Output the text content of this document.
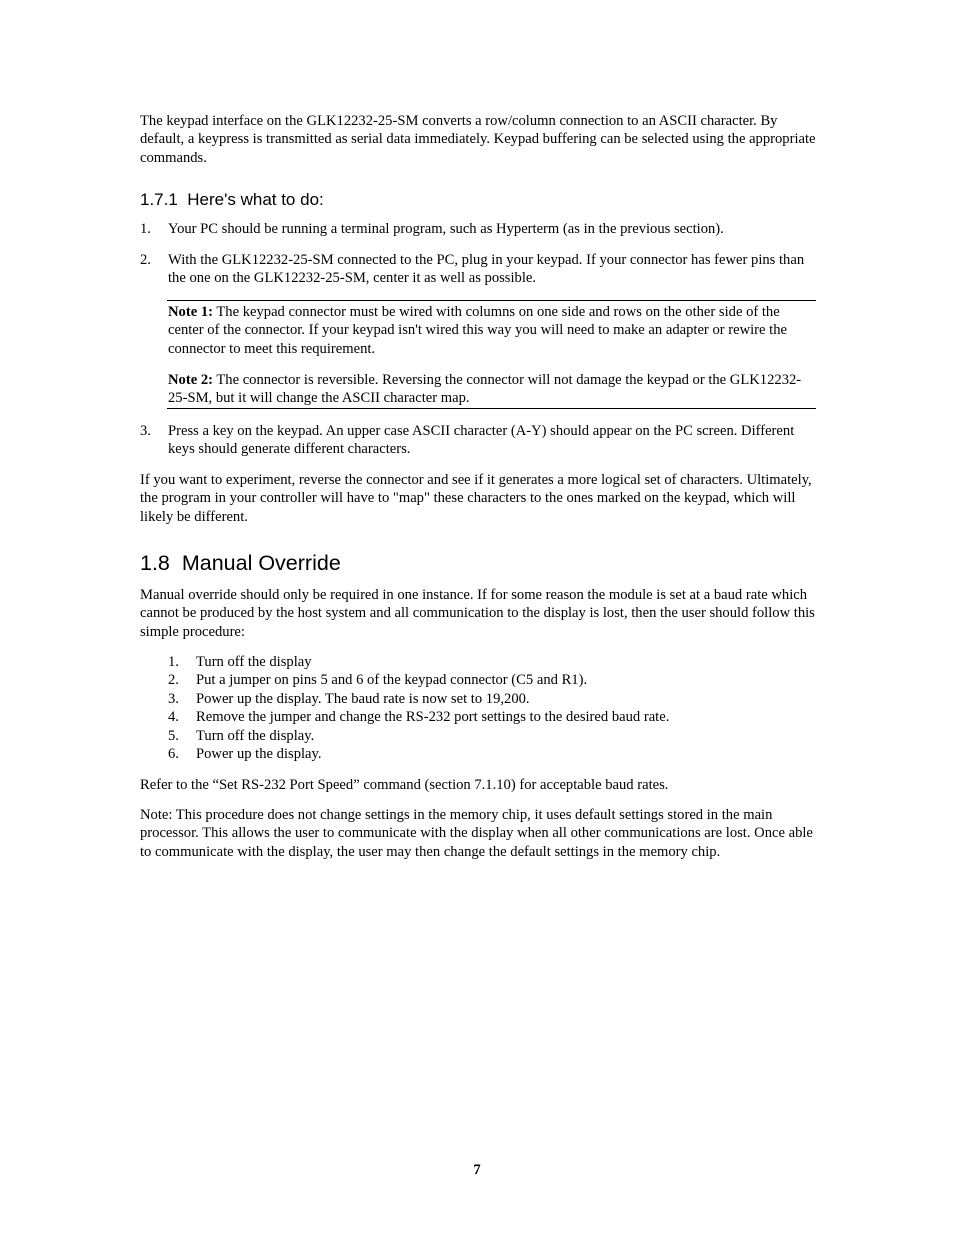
The keypad interface on the GLK12232-25-SM converts a row/column connection to an ASCII character. By default, a keypress is transmitted as serial data immediately. Keypad buffering can be selected using the appropriate commands.

1.7.1 Here's what to do:
1. Your PC should be running a terminal program, such as Hyperterm (as in the previous section).

2. With the GLK12232-25-SM connected to the PC, plug in your keypad. If your connector has fewer pins than the one on the GLK12232-25-SM, center it as well as possible.

Note 1: The keypad connector must be wired with columns on one side and rows on the other side of the center of the connector. If your keypad isn't wired this way you will need to make an adapter or rewire the connector to meet this requirement.

Note 2: The connector is reversible. Reversing the connector will not damage the keypad or the GLK12232-25-SM, but it will change the ASCII character map.

3. Press a key on the keypad. An upper case ASCII character (A-Y) should appear on the PC screen. Different keys should generate different characters.

If you want to experiment, reverse the connector and see if it generates a more logical set of characters. Ultimately, the program in your controller will have to "map" these characters to the ones marked on the keypad, which will likely be different.

1.8 Manual Override

Manual override should only be required in one instance. If for some reason the module is set at a baud rate which cannot be produced by the host system and all communication to the display is lost, then the user should follow this simple procedure:

1. Turn off the display
2. Put a jumper on pins 5 and 6 of the keypad connector (C5 and R1).
3. Power up the display. The baud rate is now set to 19,200.
4. Remove the jumper and change the RS-232 port settings to the desired baud rate.
5. Turn off the display.
6. Power up the display.

Refer to the “Set RS-232 Port Speed” command (section 7.1.10) for acceptable baud rates.

Note: This procedure does not change settings in the memory chip, it uses default settings stored in the main processor. This allows the user to communicate with the display when all other communications are lost. Once able to communicate with the display, the user may then change the default settings in the memory chip.

7
